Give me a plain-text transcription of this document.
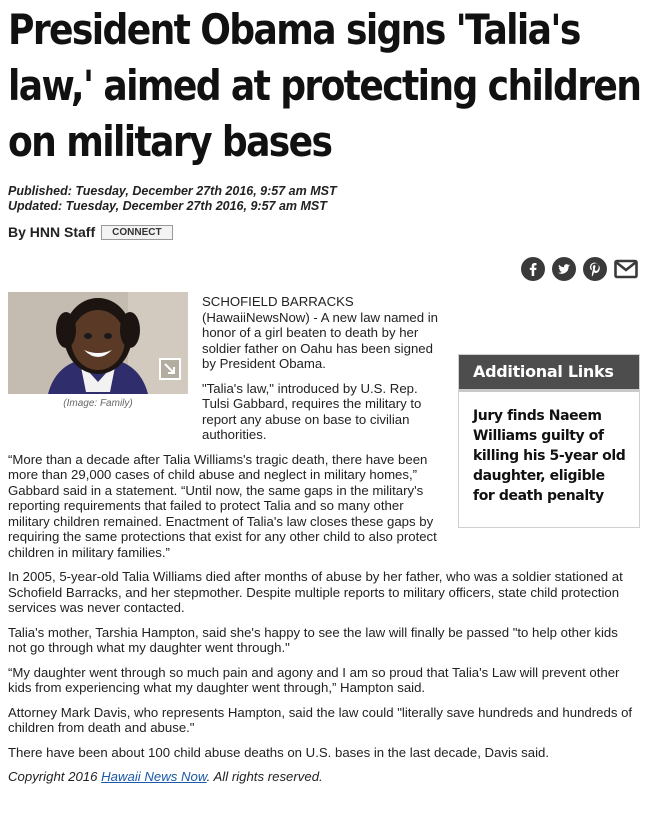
President Obama signs 'Talia's law,' aimed at protecting children on military bases
Published: Tuesday, December 27th 2016, 9:57 am MST
Updated: Tuesday, December 27th 2016, 9:57 am MST
By HNN Staff	CONNECT
(Image: Family)
Additional Links
Jury finds Naeem Williams guilty of killing his 5-year old daughter, eligible for death penalty

SCHOFIELD BARRACKS (HawaiiNewsNow) - A new law named in honor of a girl beaten to death by her soldier father on Oahu has been signed by President Obama.

"Talia's law," introduced by U.S. Rep. Tulsi Gabbard, requires the military to report any abuse on base to civilian authorities.

“More than a decade after Talia Williams's tragic death, there have been more than 29,000 cases of child abuse and neglect in military homes,” Gabbard said in a statement. “Until now, the same gaps in the military's reporting requirements that failed to protect Talia and so many other military children remained. Enactment of Talia's law closes these gaps by requiring the same protections that exist for any other child to also protect children in military families.”

In 2005, 5-year-old Talia Williams died after months of abuse by her father, who was a soldier stationed at Schofield Barracks, and her stepmother. Despite multiple reports to military officers, state child protection services was never contacted.

Talia's mother, Tarshia Hampton, said she's happy to see the law will finally be passed "to help other kids not go through what my daughter went through."

“My daughter went through so much pain and agony and I am so proud that Talia's Law will prevent other kids from experiencing what my daughter went through,” Hampton said.

Attorney Mark Davis, who represents Hampton, said the law could "literally save hundreds and hundreds of children from death and abuse."

There have been about 100 child abuse deaths on U.S. bases in the last decade, Davis said.

Copyright 2016 Hawaii News Now. All rights reserved.
